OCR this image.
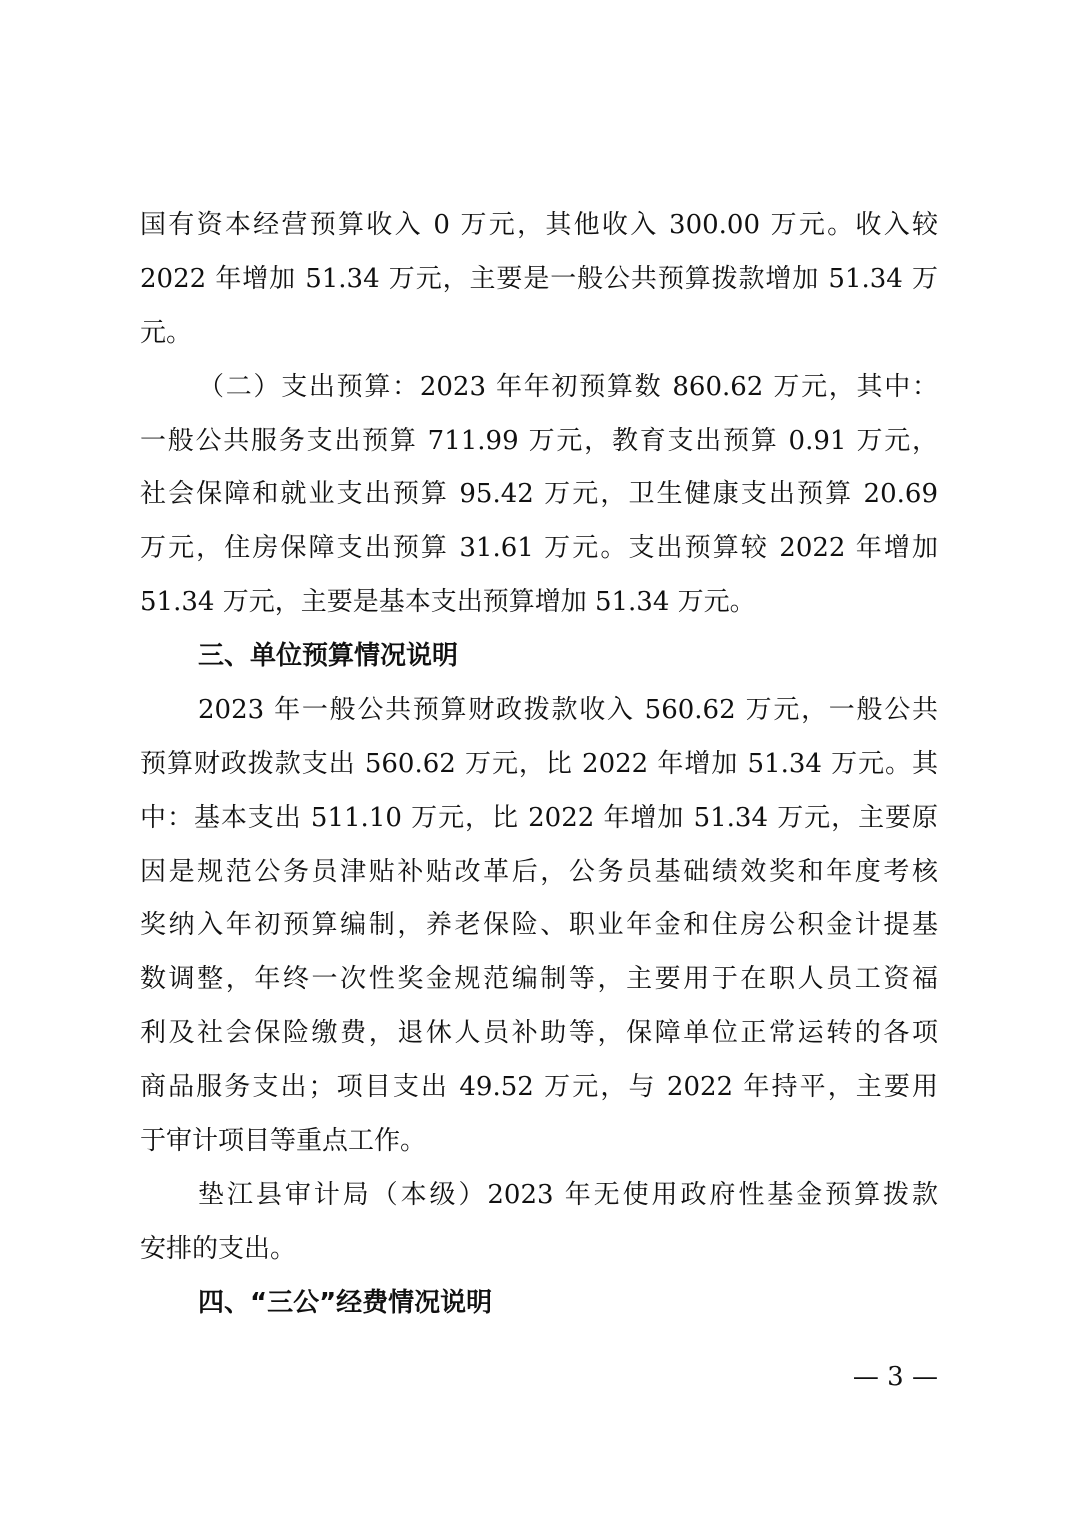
国有资本经营预算收入 0 万元，其他收入 300.00 万元。收入较
2022 年增加 51.34 万元，主要是一般公共预算拨款增加 51.34 万
元。
（二）支出预算：2023 年年初预算数 860.62 万元，其中：
一般公共服务支出预算 711.99 万元，教育支出预算 0.91 万元，
社会保障和就业支出预算 95.42 万元，卫生健康支出预算 20.69
万元，住房保障支出预算 31.61 万元。支出预算较 2022 年增加
51.34 万元，主要是基本支出预算增加 51.34 万元。
三、单位预算情况说明
2023 年一般公共预算财政拨款收入 560.62 万元，一般公共
预算财政拨款支出 560.62 万元，比 2022 年增加 51.34 万元。其
中：基本支出 511.10 万元，比 2022 年增加 51.34 万元，主要原
因是规范公务员津贴补贴改革后，公务员基础绩效奖和年度考核
奖纳入年初预算编制，养老保险、职业年金和住房公积金计提基
数调整，年终一次性奖金规范编制等，主要用于在职人员工资福
利及社会保险缴费，退休人员补助等，保障单位正常运转的各项
商品服务支出；项目支出 49.52 万元，与 2022 年持平，主要用
于审计项目等重点工作。
垫江县审计局（本级）2023 年无使用政府性基金预算拨款
安排的支出。
四、“三公”经费情况说明
— 3 —
